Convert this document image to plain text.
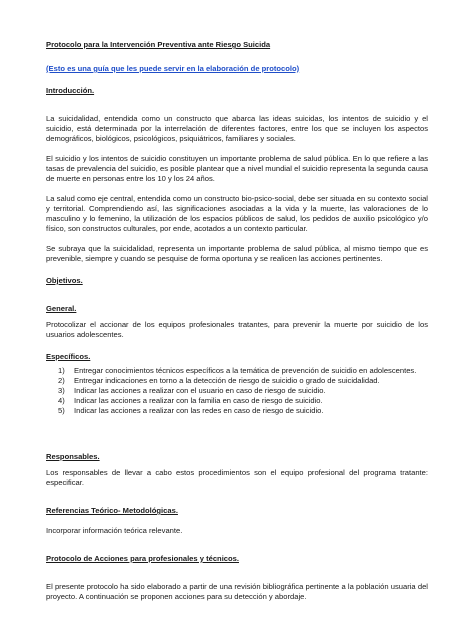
Protocolo para la Intervención Preventiva ante Riesgo Suicida

(Esto es una guía que les puede servir en la elaboración de protocolo)

Introducción.

La suicidalidad, entendida como un constructo que abarca las ideas suicidas, los intentos de suicidio y el suicidio, está determinada por la interrelación de diferentes factores, entre los que se incluyen los aspectos demográficos, biológicos, psicológicos, psiquiátricos, familiares y sociales.

El suicidio y los intentos de suicidio constituyen un importante problema de salud pública. En lo que refiere a las tasas de prevalencia del suicidio, es posible plantear que a nivel mundial el suicidio representa la segunda causa de muerte en personas entre los 10 y los 24 años.

La salud como eje central, entendida como un constructo bio-psico-social, debe ser situada en su contexto social y territorial. Comprendiendo así, las significaciones asociadas a la vida y la muerte, las valoraciones de lo masculino y lo femenino, la utilización de los espacios públicos de salud, los pedidos de auxilio psicológico y/o físico, son constructos culturales, por ende, acotados a un contexto particular.

Se subraya que la suicidalidad, representa un importante problema de salud pública, al mismo tiempo que es prevenible, siempre y cuando se pesquise de forma oportuna y se realicen las acciones pertinentes.

Objetivos.

General.

Protocolizar el accionar de los equipos profesionales tratantes, para prevenir la muerte por suicidio de los usuarios adolescentes.

Específicos.

1)	Entregar conocimientos técnicos específicos a la temática de prevención de suicidio en adolescentes.
2)	Entregar indicaciones en torno a la detección de riesgo de suicidio o grado de suicidalidad.
3)	Indicar las acciones a realizar con el usuario en caso de riesgo de suicidio.
4)	Indicar las acciones a realizar con la familia en caso de riesgo de suicidio.
5)	Indicar las acciones a realizar con las redes en caso de riesgo de suicidio.

Responsables.

Los responsables de llevar a cabo estos procedimientos son el equipo profesional del programa tratante: especificar.

Referencias Teórico- Metodológicas.

Incorporar información teórica relevante.

Protocolo de Acciones para profesionales y técnicos.

El presente protocolo ha sido elaborado a partir de una revisión bibliográfica pertinente a la población usuaria del proyecto. A continuación se proponen acciones para su detección y abordaje.
